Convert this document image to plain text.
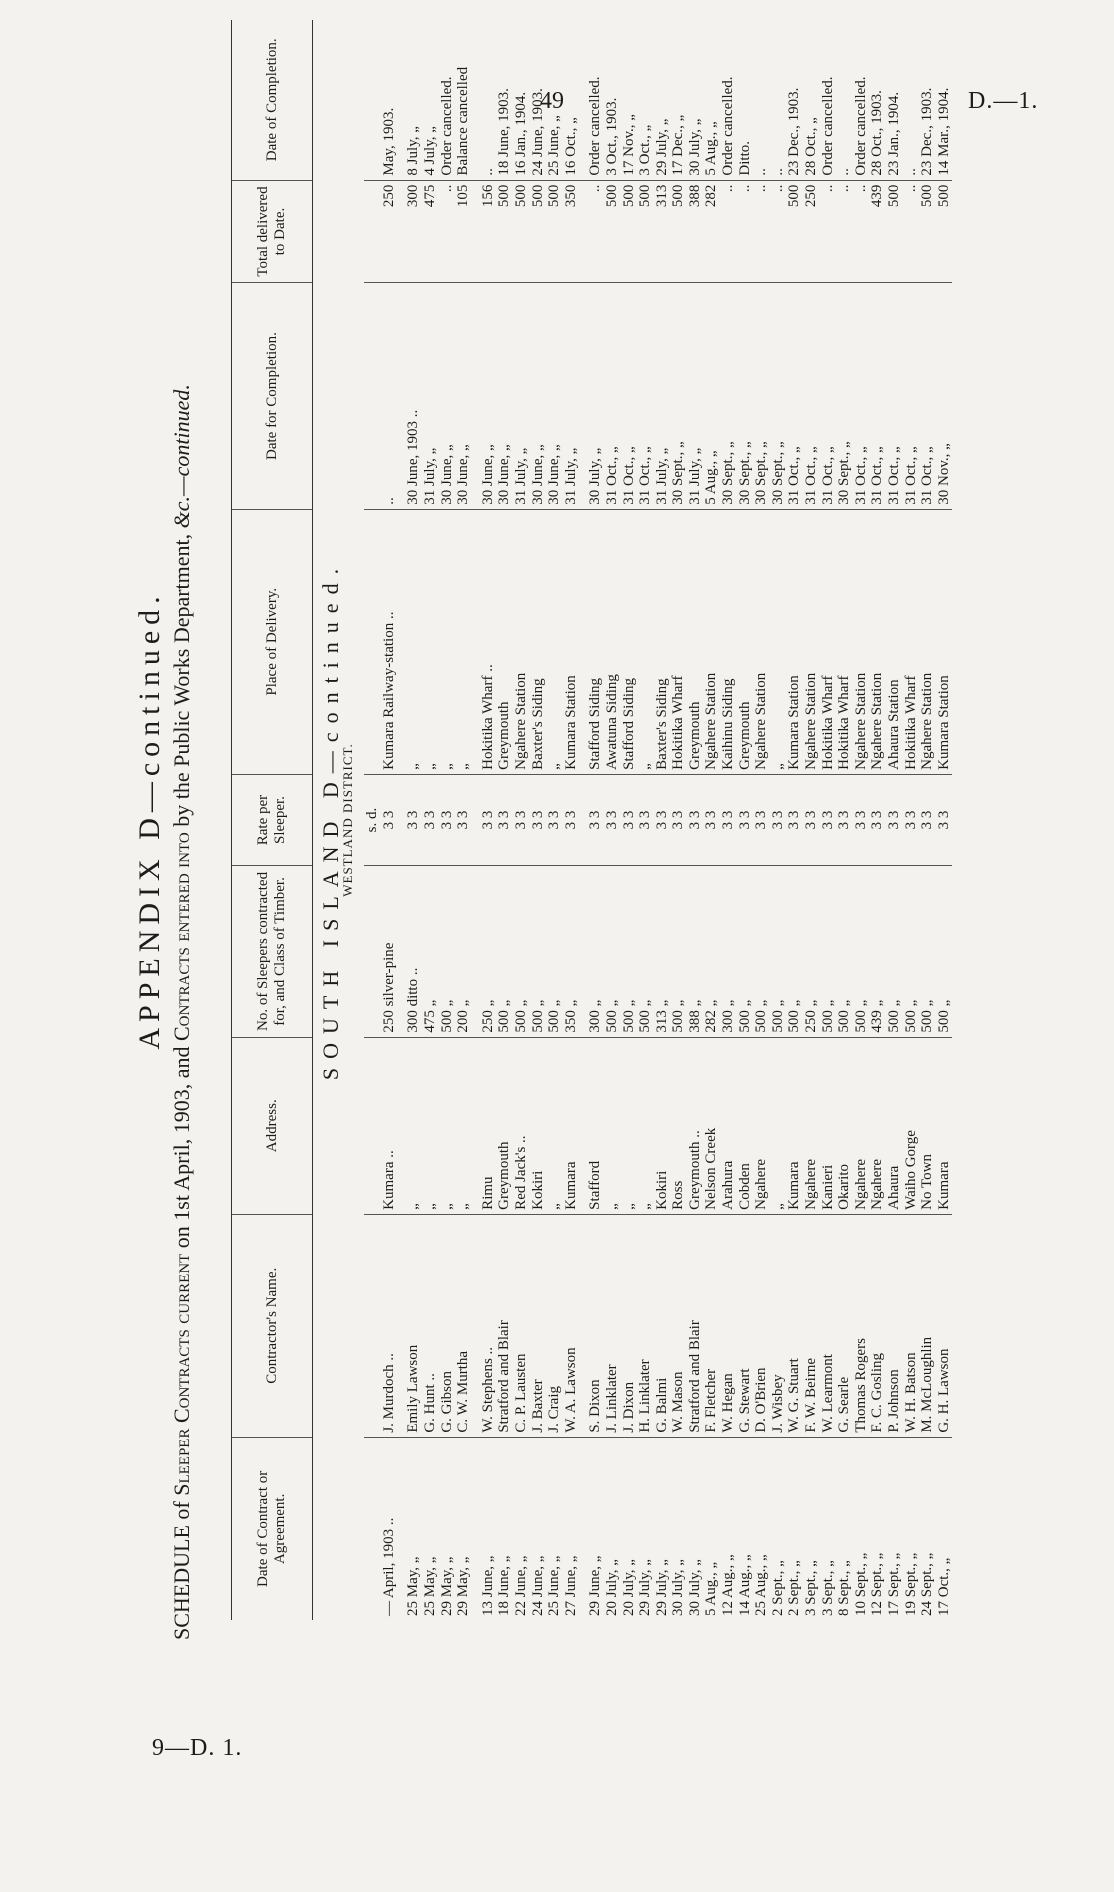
49	D.—1.
9—D. 1.
APPENDIX D—continued.
SCHEDULE of Sleeper Contracts current on 1st April, 1903, and Contracts entered into by the Public Works Department, &c.—continued.
Date of Contract or Agreement.	Contractor's Name.	Address.	No. of Sleepers contracted for, and Class of Timber.	Rate per Sleeper.	Place of Delivery.	Date for Completion.	Total delivered to Date.	Date of Completion.
SOUTH ISLAND D—continued.								
WESTLAND DISTRICT.								
				s. d.				
— April, 1903 ..	J. Murdoch ..	Kumara ..	250 silver-pine	3 3	Kumara Railway-station ..	..	250	May, 1903.

25 May, „	Emily Lawson	„	300 ditto ..	3 3	„	30 June, 1903 ..	300	8 July, „
25 May, „	G. Hunt ..	„	475 „	3 3	„	31 July, „	475	4 July, „
29 May, „	G. Gibson	„	500 „	3 3	„	30 June, „	..	Order cancelled.
29 May, „	C. W. Murtha	„	200 „	3 3	„	30 June, „	105	Balance cancelled

13 June, „	W. Stephens ..	Rimu	250 „	3 3	Hokitika Wharf ..	30 June, „	156	..
18 June, „	Stratford and Blair	Greymouth	500 „	3 3	Greymouth	30 June, „	500	18 June, 1903.
22 June, „	C. P. Lausten	Red Jack's ..	500 „	3 3	Ngahere Station	31 July, „	500	16 Jan., 1904.
24 June, „	J. Baxter	Kokiri	500 „	3 3	Baxter's Siding	30 June, „	500	24 June, 1903.
25 June, „	J. Craig	„	500 „	3 3	„	30 June, „	500	25 June, „
27 June, „	W. A. Lawson	Kumara	350 „	3 3	Kumara Station	31 July, „	350	16 Oct., „

29 June, „	S. Dixon	Stafford	300 „	3 3	Stafford Siding	30 July, „	..	Order cancelled.
20 July, „	J. Linklater	„	500 „	3 3	Awatuna Siding	31 Oct., „	500	3 Oct., 1903.
20 July, „	J. Dixon	„	500 „	3 3	Stafford Siding	31 Oct., „	500	17 Nov., „
29 July, „	H. Linklater	„	500 „	3 3	„	31 Oct., „	500	3 Oct., „
29 July, „	G. Balmi	Kokiri	313 „	3 3	Baxter's Siding	31 July, „	313	29 July, „
30 July, „	W. Mason	Ross	500 „	3 3	Hokitika Wharf	30 Sept., „	500	17 Dec., „
30 July, „	Stratford and Blair	Greymouth ..	388 „	3 3	Greymouth	31 July, „	388	30 July, „
5 Aug., „	F. Fletcher	Nelson Creek	282 „	3 3	Ngahere Station	5 Aug., „	282	5 Aug., „
12 Aug., „	W. Hegan	Arahura	300 „	3 3	Kaihinu Siding	30 Sept., „	..	Order cancelled.
14 Aug., „	G. Stewart	Cobden	500 „	3 3	Greymouth	30 Sept., „	..	Ditto.
25 Aug., „	D. O'Brien	Ngahere	500 „	3 3	Ngahere Station	30 Sept., „	..	..
2 Sept., „	J. Wisbey	„	500 „	3 3	„	30 Sept., „	..	..
2 Sept., „	W. G. Stuart	Kumara	500 „	3 3	Kumara Station	31 Oct., „	500	23 Dec., 1903.
3 Sept., „	F. W. Beirne	Ngahere	250 „	3 3	Ngahere Station	31 Oct., „	250	28 Oct., „
3 Sept., „	W. Learmont	Kanieri	500 „	3 3	Hokitika Wharf	31 Oct., „	..	Order cancelled.
8 Sept., „	G. Searle	Okarito	500 „	3 3	Hokitika Wharf	30 Sept., „	..	..
10 Sept., „	Thomas Rogers	Ngahere	500 „	3 3	Ngahere Station	31 Oct., „	..	Order cancelled.
12 Sept., „	F. C. Gosling	Ngahere	439 „	3 3	Ngahere Station	31 Oct., „	439	28 Oct., 1903.
17 Sept., „	P. Johnson	Ahaura	500 „	3 3	Ahaura Station	31 Oct., „	500	23 Jan., 1904.
19 Sept., „	W. H. Batson	Waiho Gorge	500 „	3 3	Hokitika Wharf	31 Oct., „	..	..
24 Sept., „	M. McLoughlin	No Town	500 „	3 3	Ngahere Station	31 Oct., „	500	23 Dec., 1903.
17 Oct., „	G. H. Lawson	Kumara	500 „	3 3	Kumara Station	30 Nov., „	500	14 Mar., 1904.
